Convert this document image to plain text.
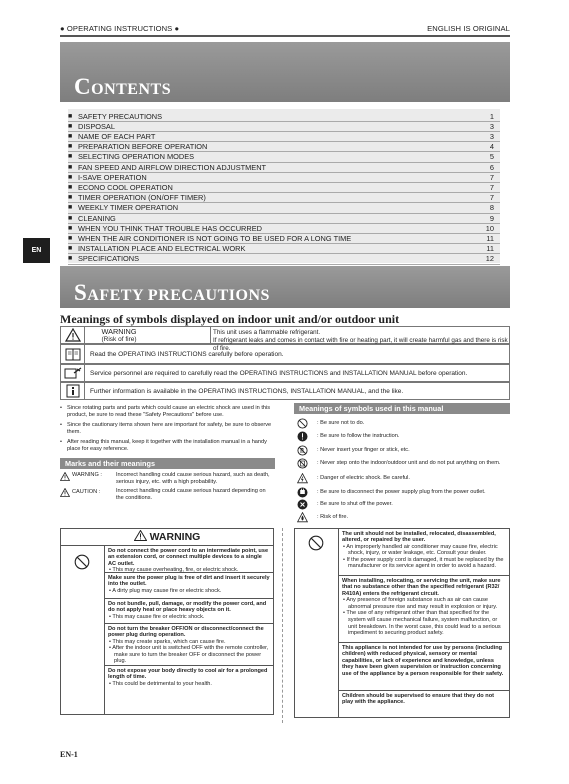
● OPERATING INSTRUCTIONS ●	ENGLISH IS ORIGINAL
CONTENTS
■ SAFETY PRECAUTIONS	1
■ DISPOSAL	3
■ NAME OF EACH PART	3
■ PREPARATION BEFORE OPERATION	4
■ SELECTING OPERATION MODES	5
■ FAN SPEED AND AIRFLOW DIRECTION ADJUSTMENT	6
■ I-SAVE OPERATION	7
■ ECONO COOL OPERATION	7
■ TIMER OPERATION (ON/OFF TIMER)	7
■ WEEKLY TIMER OPERATION	8
■ CLEANING	9
■ WHEN YOU THINK THAT TROUBLE HAS OCCURRED	10
■ WHEN THE AIR CONDITIONER IS NOT GOING TO BE USED FOR A LONG TIME	11
■ INSTALLATION PLACE AND ELECTRICAL WORK	11
■ SPECIFICATIONS	12
EN
SAFETY PRECAUTIONS
Meanings of symbols displayed on indoor unit and/or outdoor unit
WARNING
(Risk of fire)
This unit uses a flammable refrigerant.
If refrigerant leaks and comes in contact with fire or heating part, it will create harmful gas and there is risk of fire.
Read the OPERATING INSTRUCTIONS carefully before operation.
Service personnel are required to carefully read the OPERATING INSTRUCTIONS and INSTALLATION MANUAL before operation.
Further information is available in the OPERATING INSTRUCTIONS, INSTALLATION MANUAL, and the like.
• Since rotating parts and parts which could cause an electric shock are used in this product, be sure to read these "Safety Precautions" before use.
• Since the cautionary items shown here are important for safety, be sure to observe them.
• After reading this manual, keep it together with the installation manual in a handy place for easy reference.
Marks and their meanings
WARNING :	Incorrect handling could cause serious hazard, such as death, serious injury, etc. with a high probability.
CAUTION :	Incorrect handling could cause serious hazard depending on the conditions.
Meanings of symbols used in this manual
: Be sure not to do.
: Be sure to follow the instruction.
: Never insert your finger or stick, etc.
: Never step onto the indoor/outdoor unit and do not put anything on them.
: Danger of electric shock. Be careful.
: Be sure to disconnect the power supply plug from the power outlet.
: Be sure to shut off the power.
: Risk of fire.
WARNING
Do not connect the power cord to an intermediate point, use an extension cord, or connect multiple devices to a single AC outlet.
• This may cause overheating, fire, or electric shock.
Make sure the power plug is free of dirt and insert it securely into the outlet.
• A dirty plug may cause fire or electric shock.
Do not bundle, pull, damage, or modify the power cord, and do not apply heat or place heavy objects on it.
• This may cause fire or electric shock.
Do not turn the breaker OFF/ON or disconnect/connect the power plug during operation.
• This may create sparks, which can cause fire.
• After the indoor unit is switched OFF with the remote controller, make sure to turn the breaker OFF or disconnect the power plug.
Do not expose your body directly to cool air for a prolonged length of time.
• This could be detrimental to your health.
The unit should not be installed, relocated, disassembled, altered, or repaired by the user.
• An improperly handled air conditioner may cause fire, electric shock, injury, or water leakage, etc. Consult your dealer.
• If the power supply cord is damaged, it must be replaced by the manufacturer or its service agent in order to avoid a hazard.
When installing, relocating, or servicing the unit, make sure that no substance other than the specified refrigerant (R32/ R410A) enters the refrigerant circuit.
• Any presence of foreign substance such as air can cause abnormal pressure rise and may result in explosion or injury.
• The use of any refrigerant other than that specified for the system will cause mechanical failure, system malfunction, or unit breakdown. In the worst case, this could lead to a serious impediment to securing product safety.
This appliance is not intended for use by persons (including children) with reduced physical, sensory or mental capabilities, or lack of experience and knowledge, unless they have been given supervision or instruction concerning use of the appliance by a person responsible for their safety.
Children should be supervised to ensure that they do not play with the appliance.
EN-1
